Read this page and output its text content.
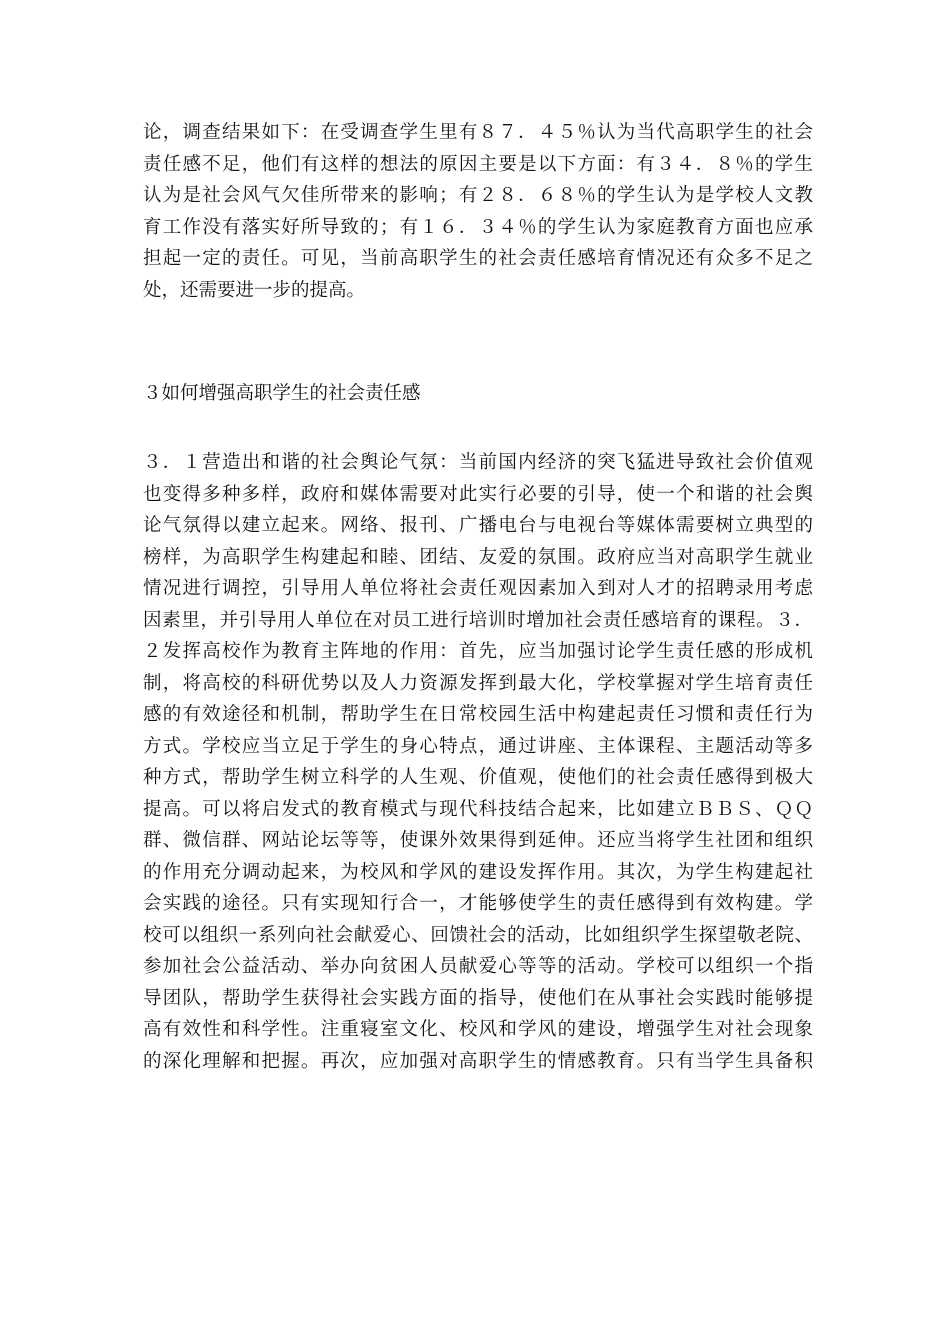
论，调查结果如下：在受调查学生里有８７．４５％认为当代高职学生的社会
责任感不足，他们有这样的想法的原因主要是以下方面：有３４．８％的学生
认为是社会风气欠佳所带来的影响；有２８．６８％的学生认为是学校人文教
育工作没有落实好所导致的；有１６．３４％的学生认为家庭教育方面也应承
担起一定的责任。可见，当前高职学生的社会责任感培育情况还有众多不足之
处，还需要进一步的提高。
３如何增强高职学生的社会责任感
３．１营造出和谐的社会舆论气氛：当前国内经济的突飞猛进导致社会价值观
也变得多种多样，政府和媒体需要对此实行必要的引导，使一个和谐的社会舆
论气氛得以建立起来。网络、报刊、广播电台与电视台等媒体需要树立典型的
榜样，为高职学生构建起和睦、团结、友爱的氛围。政府应当对高职学生就业
情况进行调控，引导用人单位将社会责任观因素加入到对人才的招聘录用考虑
因素里，并引导用人单位在对员工进行培训时增加社会责任感培育的课程。３．
２发挥高校作为教育主阵地的作用：首先，应当加强讨论学生责任感的形成机
制，将高校的科研优势以及人力资源发挥到最大化，学校掌握对学生培育责任
感的有效途径和机制，帮助学生在日常校园生活中构建起责任习惯和责任行为
方式。学校应当立足于学生的身心特点，通过讲座、主体课程、主题活动等多
种方式，帮助学生树立科学的人生观、价值观，使他们的社会责任感得到极大
提高。可以将启发式的教育模式与现代科技结合起来，比如建立ＢＢＳ、ＱＱ
群、微信群、网站论坛等等，使课外效果得到延伸。还应当将学生社团和组织
的作用充分调动起来，为校风和学风的建设发挥作用。其次，为学生构建起社
会实践的途径。只有实现知行合一，才能够使学生的责任感得到有效构建。学
校可以组织一系列向社会献爱心、回馈社会的活动，比如组织学生探望敬老院、
参加社会公益活动、举办向贫困人员献爱心等等的活动。学校可以组织一个指
导团队，帮助学生获得社会实践方面的指导，使他们在从事社会实践时能够提
高有效性和科学性。注重寝室文化、校风和学风的建设，增强学生对社会现象
的深化理解和把握。再次，应加强对高职学生的情感教育。只有当学生具备积
